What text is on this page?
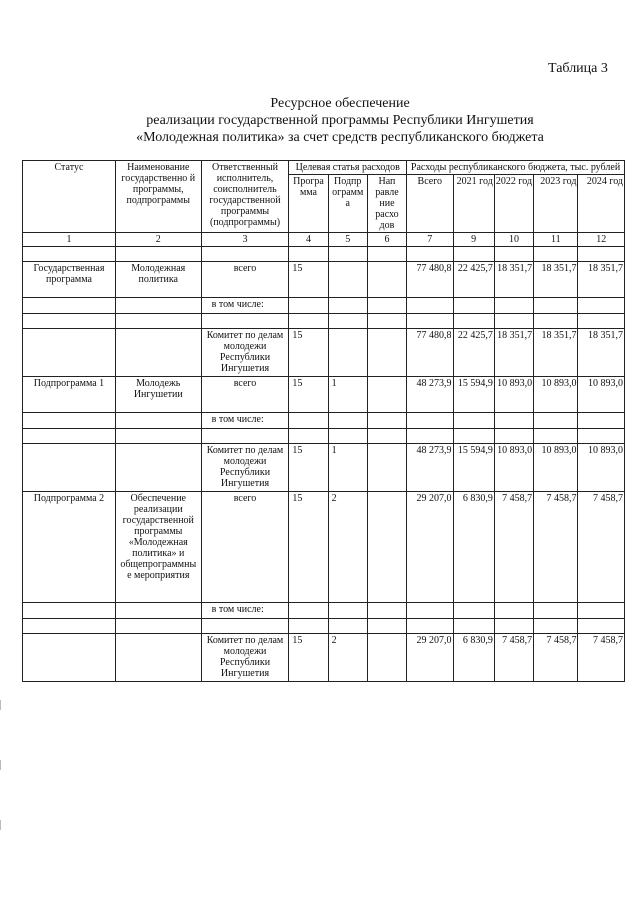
Таблица 3
Ресурсное обеспечение
реализации государственной программы Республики Ингушетия
«Молодежная политика» за счет средств республиканского бюджета
Статус	Наименование государственно й программы, подпрограммы	Ответственный исполнитель, соисполнитель государственной программы (подпрограммы)	Целевая статья расходов			Расходы республиканского бюджета, тыс. рублей				
			Програ мма	Подпр ограмм а	Нап равле ние расхо дов					
						Всего	2021 год	2022 год	2023 год	2024 год
1	2	3	4	5	6	7	9	10	11	12

Государственная программа	Молодежная политика	всего	15			77 480,8	22 425,7	18 351,7	18 351,7	18 351,7
		в том числе:								

		Комитет по делам молодежи Республики Ингушетия	15			77 480,8	22 425,7	18 351,7	18 351,7	18 351,7
Подпрограмма 1	Молодежь Ингушетии	всего	15	1		48 273,9	15 594,9	10 893,0	10 893,0	10 893,0
		в том числе:								

		Комитет по делам молодежи Республики Ингушетия	15	1		48 273,9	15 594,9	10 893,0	10 893,0	10 893,0
Подпрограмма 2	Обеспечение реализации государственной программы «Молодежная политика» и общепрограммны е мероприятия	всего	15	2		29 207,0	6 830,9	7 458,7	7 458,7	7 458,7
		в том числе:								

		Комитет по делам молодежи Республики Ингушетия	15	2		29 207,0	6 830,9	7 458,7	7 458,7	7 458,7
